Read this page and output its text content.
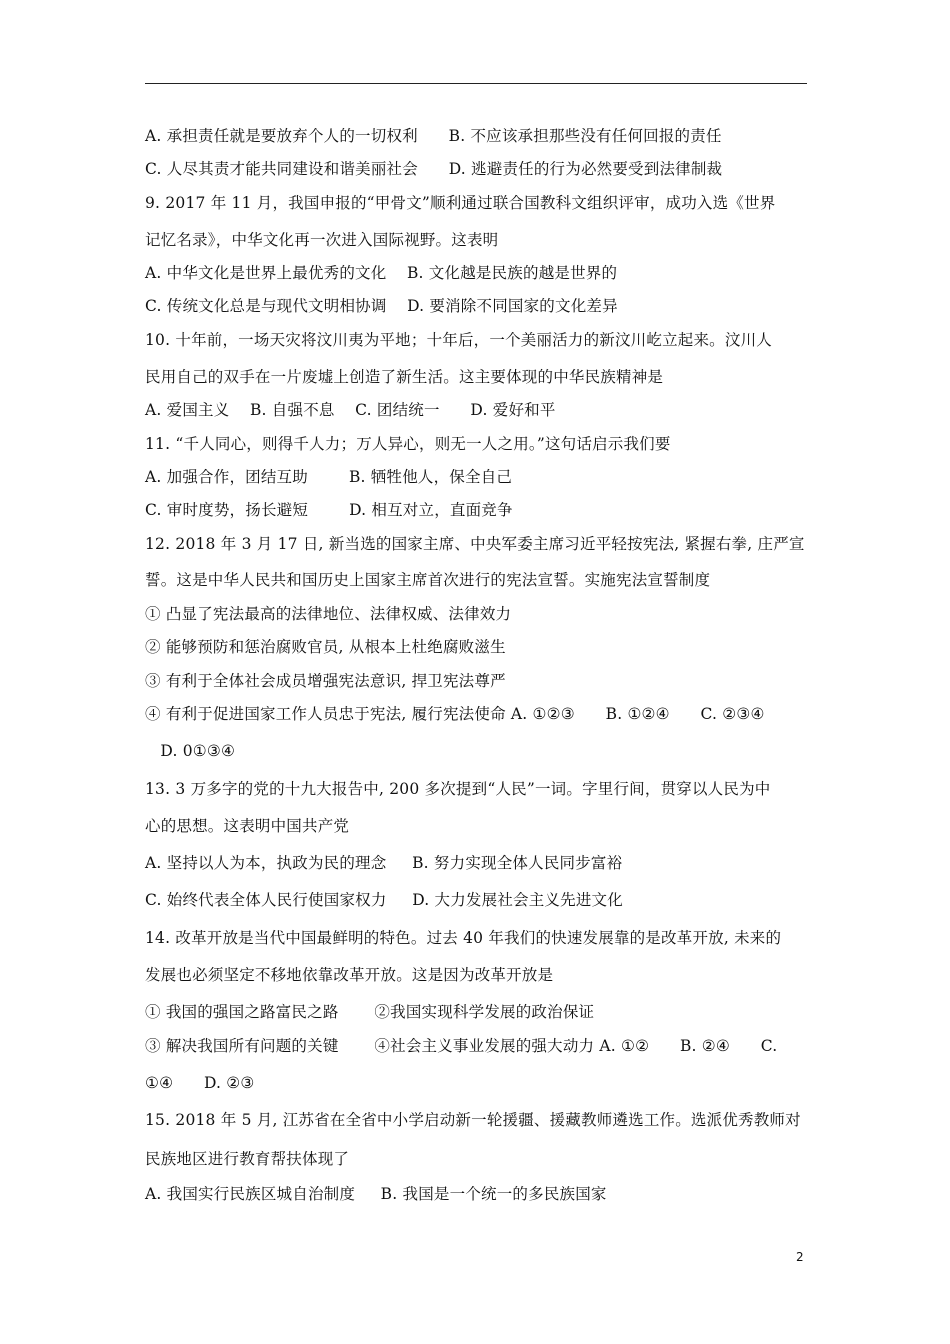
A. 承担责任就是要放弃个人的一切权利      B. 不应该承担那些没有任何回报的责任
C. 人尽其责才能共同建设和谐美丽社会      D. 逃避责任的行为必然要受到法律制裁
9. 2017 年 11 月，我国申报的“甲骨文”顺利通过联合国教科文组织评审，成功入选《世界
记忆名录》，中华文化再一次进入国际视野。这表明
A. 中华文化是世界上最优秀的文化    B. 文化越是民族的越是世界的
C. 传统文化总是与现代文明相协调    D. 要消除不同国家的文化差异
10. 十年前，一场天灾将汶川夷为平地；十年后，一个美丽活力的新汶川屹立起来。汶川人
民用自己的双手在一片废墟上创造了新生活。这主要体现的中华民族精神是
A. 爱国主义    B. 自强不息    C. 团结统一      D. 爱好和平
11. “千人同心，则得千人力；万人异心，则无一人之用。”这句话启示我们要
A. 加强合作，团结互助        B. 牺牲他人，保全自己
C. 审时度势，扬长避短        D. 相互对立，直面竞争
12. 2018 年 3 月 17 日, 新当选的国家主席、中央军委主席习近平轻按宪法, 紧握右拳, 庄严宣
誓。这是中华人民共和国历史上国家主席首次进行的宪法宣誓。实施宪法宣誓制度
① 凸显了宪法最高的法律地位、法律权威、法律效力
② 能够预防和惩治腐败官员, 从根本上杜绝腐败滋生
③ 有利于全体社会成员增强宪法意识, 捍卫宪法尊严
④ 有利于促进国家工作人员忠于宪法, 履行宪法使命 A. ①②③      B. ①②④      C. ②③④
D. 0①③④
13. 3 万多字的党的十九大报告中, 200 多次提到“人民”一词。字里行间，贯穿以人民为中
心的思想。这表明中国共产党
A. 坚持以人为本，执政为民的理念     B. 努力实现全体人民同步富裕
C. 始终代表全体人民行使国家权力     D. 大力发展社会主义先进文化
14. 改革开放是当代中国最鲜明的特色。过去 40 年我们的快速发展靠的是改革开放, 未来的
发展也必须坚定不移地依靠改革开放。这是因为改革开放是
① 我国的强国之路富民之路       ②我国实现科学发展的政治保证
③ 解决我国所有问题的关键       ④社会主义事业发展的强大动力 A. ①②      B. ②④      C.
①④      D. ②③
15. 2018 年 5 月, 江苏省在全省中小学启动新一轮援疆、援藏教师遴选工作。选派优秀教师对
民族地区进行教育帮扶体现了
A. 我国实行民族区城自治制度     B. 我国是一个统一的多民族国家
2
